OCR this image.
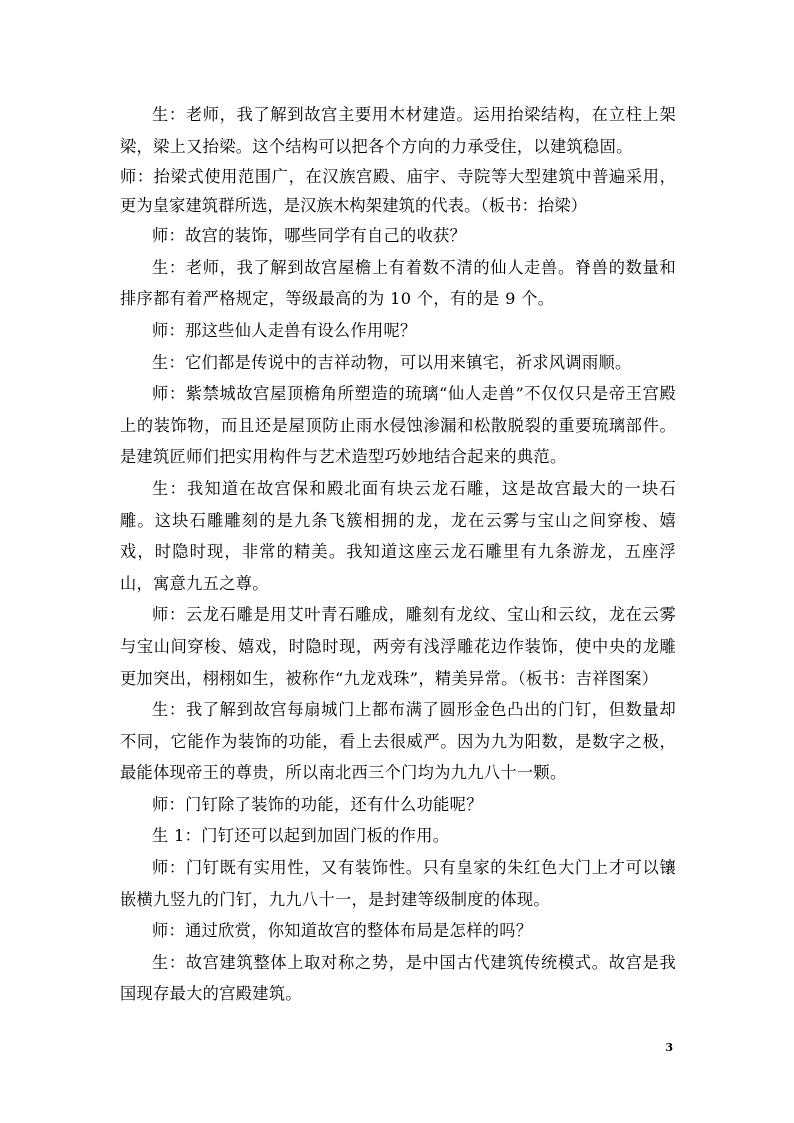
生：老师，我了解到故宫主要用木材建造。运用抬梁结构，在立柱上架梁，梁上又抬梁。这个结构可以把各个方向的力承受住，以建筑稳固。

师：抬梁式使用范围广，在汉族宫殿、庙宇、寺院等大型建筑中普遍采用，更为皇家建筑群所选，是汉族木构架建筑的代表。（板书：抬梁）

师：故宫的装饰，哪些同学有自己的收获？

生：老师，我了解到故宫屋檐上有着数不清的仙人走兽。脊兽的数量和排序都有着严格规定，等级最高的为 10 个，有的是 9 个。

师：那这些仙人走兽有设么作用呢？

生：它们都是传说中的吉祥动物，可以用来镇宅，祈求风调雨顺。

师：紫禁城故宫屋顶檐角所塑造的琉璃“仙人走兽”不仅仅只是帝王宫殿上的装饰物，而且还是屋顶防止雨水侵蚀渗漏和松散脱裂的重要琉璃部件。是建筑匠师们把实用构件与艺术造型巧妙地结合起来的典范。

生：我知道在故宫保和殿北面有块云龙石雕，这是故宫最大的一块石雕。这块石雕雕刻的是九条飞簇相拥的龙，龙在云雾与宝山之间穿梭、嬉戏，时隐时现，非常的精美。我知道这座云龙石雕里有九条游龙，五座浮山，寓意九五之尊。

师：云龙石雕是用艾叶青石雕成，雕刻有龙纹、宝山和云纹，龙在云雾与宝山间穿梭、嬉戏，时隐时现，两旁有浅浮雕花边作装饰，使中央的龙雕更加突出，栩栩如生，被称作“九龙戏珠”，精美异常。（板书：吉祥图案）

生：我了解到故宫每扇城门上都布满了圆形金色凸出的门钉，但数量却不同，它能作为装饰的功能，看上去很威严。因为九为阳数，是数字之极，最能体现帝王的尊贵，所以南北西三个门均为九九八十一颗。

师：门钉除了装饰的功能，还有什么功能呢？

生 1：门钉还可以起到加固门板的作用。

师：门钉既有实用性，又有装饰性。只有皇家的朱红色大门上才可以镶嵌横九竖九的门钉，九九八十一，是封建等级制度的体现。

师：通过欣赏，你知道故宫的整体布局是怎样的吗？

生：故宫建筑整体上取对称之势，是中国古代建筑传统模式。故宫是我国现存最大的宫殿建筑。

3
